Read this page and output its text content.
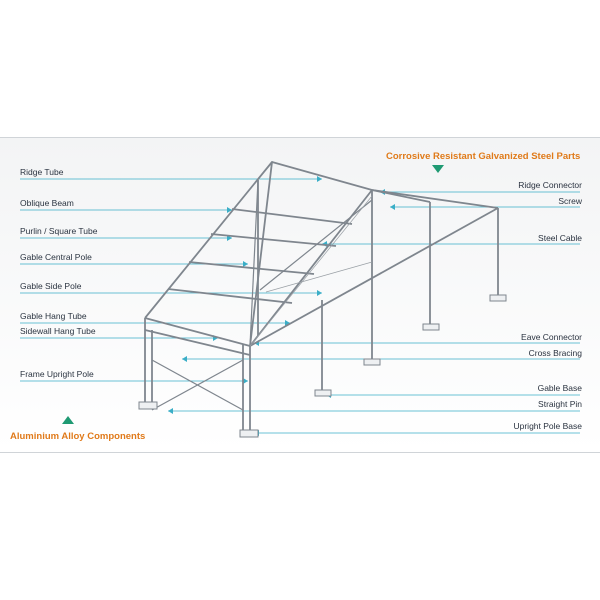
Corrosive Resistant Galvanized Steel Parts
Aluminium Alloy Components
Ridge Tube
Oblique Beam
Purlin / Square Tube
Gable Central Pole
Gable Side Pole
Gable Hang Tube
Sidewall Hang Tube
Frame Upright Pole
Ridge Connector
Screw
Steel Cable
Eave Connector
Cross Bracing
Gable Base
Straight Pin
Upright Pole Base
